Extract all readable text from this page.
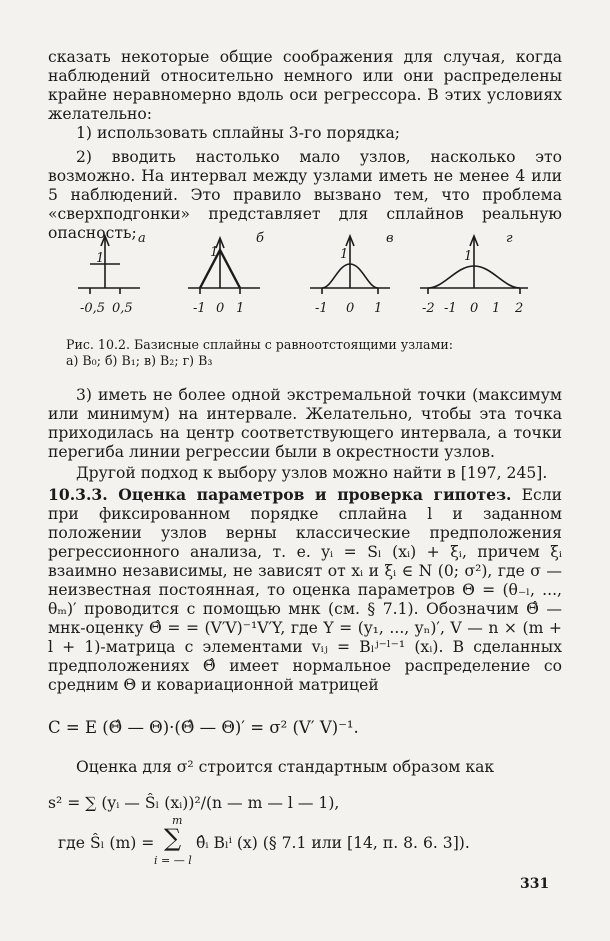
сказать некоторые общие соображения для случая, когда наблюдений относительно немного или они распределены крайне неравномерно вдоль оси регрессора. В этих условиях желательно:
1) использовать сплайны 3-го порядка;
2) вводить настолько мало узлов, насколько это возможно. На интервал между узлами иметь не менее 4 или 5 наблюдений. Это правило вызвано тем, что проблема «сверхподгонки» представляет для сплайнов реальную опасность; а
1
-0,5 0,5
б
1
-1 0 1
в
1
-1 0 1
г
1
-2 -1 0 1 2
Рис. 10.2. Базисные сплайны с равноотстоящими узлами:
а) B₀; б) B₁; в) B₂; г) B₃
3) иметь не более одной экстремальной точки (максимум или минимум) на интервале. Желательно, чтобы эта точка приходилась на центр соответствующего интервала, а точки перегиба линии регрессии были в окрестности узлов.
Другой подход к выбору узлов можно найти в [197, 245].
10.3.3. Оценка параметров и проверка гипотез. Если при фиксированном порядке сплайна l и заданном положении узлов верны классические предположения регрессионного анализа, т. е. yᵢ = Sₗ (xᵢ) + ξᵢ, причем ξᵢ взаимно независимы, не зависят от xᵢ и ξᵢ ∈ N (0; σ²), где σ — неизвестная постоянная, то оценка параметров Θ = (θ₋ₗ, ..., θₘ)′ проводится с помощью мнк (см. § 7.1). Обозначим Θ̂ — мнк-оценку Θ̂ = = (V′V)⁻¹V′Y, где Y = (y₁, ..., yₙ)′, V — n × (m + l + 1)-матрица с элементами vᵢⱼ = Bₗʲ⁻ˡ⁻¹ (xᵢ). В сделанных предположениях Θ̂ имеет нормальное распределение со средним Θ и ковариационной матрицей
C = E (Θ̂ — Θ)·(Θ̂ — Θ)′ = σ² (V′ V)⁻¹.
Оценка для σ² строится стандартным образом как
s² = ∑ (yᵢ — Ŝₗ (xᵢ))²/(n — m — l — 1),
где Ŝₗ (m) =
m
∑
i = — l
θ̂ᵢ Bₗⁱ (x) (§ 7.1 или [14, п. 8. 6. 3]).
331
